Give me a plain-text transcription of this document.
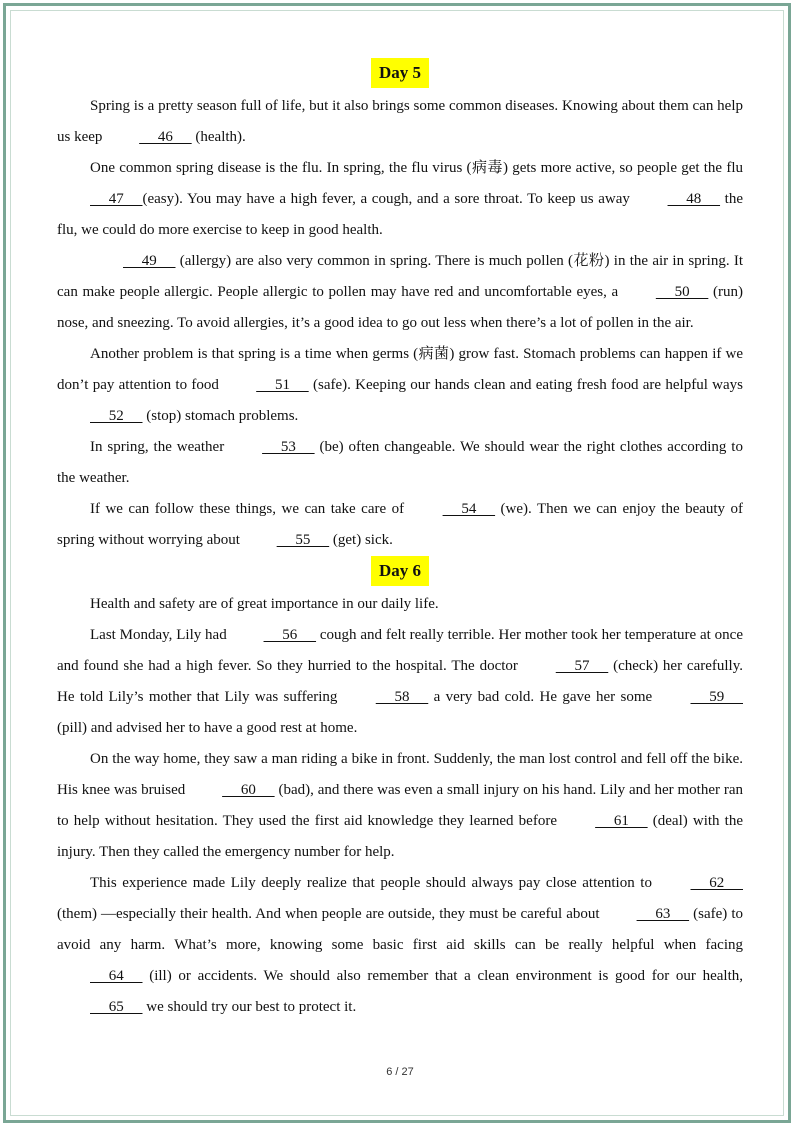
Day 5

Spring is a pretty season full of life, but it also brings some common diseases. Knowing about them can help us keep      46      (health).

One common spring disease is the flu. In spring, the flu virus (病毒) gets more active, so people get the flu      47     (easy). You may have a high fever, a cough, and a sore throat. To keep us away      48      the flu, we could do more exercise to keep in good health.

49      (allergy) are also very common in spring. There is much pollen (花粉) in the air in spring. It can make people allergic. People allergic to pollen may have red and uncomfortable eyes, a      50      (run) nose, and sneezing. To avoid allergies, it’s a good idea to go out less when there’s a lot of pollen in the air.

Another problem is that spring is a time when germs (病菌) grow fast. Stomach problems can happen if we don’t pay attention to food      51      (safe). Keeping our hands clean and eating fresh food are helpful ways      52      (stop) stomach problems.

In spring, the weather      53      (be) often changeable. We should wear the right clothes according to the weather.

If we can follow these things, we can take care of      54      (we). Then we can enjoy the beauty of spring without worrying about      55      (get) sick.

Day 6

Health and safety are of great importance in our daily life.

Last Monday, Lily had      56      cough and felt really terrible. Her mother took her temperature at once and found she had a high fever. So they hurried to the hospital. The doctor      57      (check) her carefully. He told Lily’s mother that Lily was suffering      58      a very bad cold. He gave her some      59      (pill) and advised her to have a good rest at home.

On the way home, they saw a man riding a bike in front. Suddenly, the man lost control and fell off the bike. His knee was bruised      60      (bad), and there was even a small injury on his hand. Lily and her mother ran to help without hesitation. They used the first aid knowledge they learned before      61      (deal) with the injury. Then they called the emergency number for help.

This experience made Lily deeply realize that people should always pay close attention to      62      (them) —especially their health. And when people are outside, they must be careful about      63      (safe) to avoid any harm. What’s more, knowing some basic first aid skills can be really helpful when facing      64      (ill) or accidents. We should also remember that a clean environment is good for our health,      65      we should try our best to protect it.

6 / 27
